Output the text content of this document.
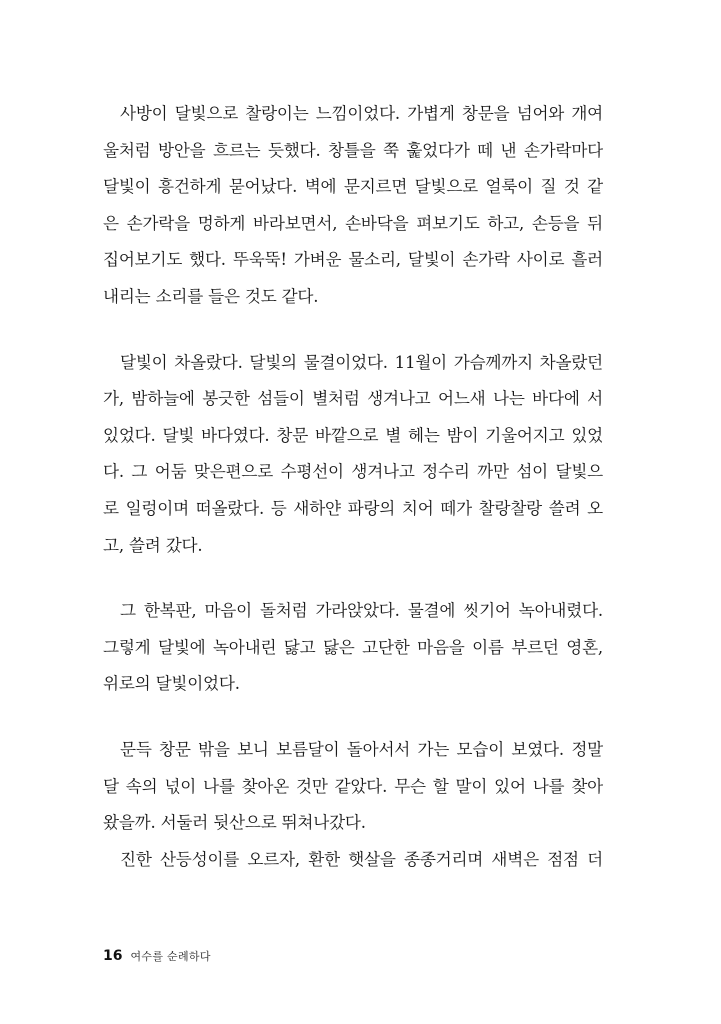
사방이 달빛으로 찰랑이는 느낌이었다. 가볍게 창문을 넘어와 개여
울처럼 방안을 흐르는 듯했다. 창틀을 쭉 훑었다가 떼 낸 손가락마다
달빛이 흥건하게 묻어났다. 벽에 문지르면 달빛으로 얼룩이 질 것 같
은 손가락을 멍하게 바라보면서, 손바닥을 펴보기도 하고, 손등을 뒤
집어보기도 했다. 뚜욱뚝! 가벼운 물소리, 달빛이 손가락 사이로 흘러
내리는 소리를 들은 것도 같다.
달빛이 차올랐다. 달빛의 물결이었다. 11월이 가슴께까지 차올랐던
가, 밤하늘에 봉긋한 섬들이 별처럼 생겨나고 어느새 나는 바다에 서
있었다. 달빛 바다였다. 창문 바깥으로 별 헤는 밤이 기울어지고 있었
다. 그 어둠 맞은편으로 수평선이 생겨나고 정수리 까만 섬이 달빛으
로 일렁이며 떠올랐다. 등 새하얀 파랑의 치어 떼가 찰랑찰랑 쓸려 오
고, 쓸려 갔다.
그 한복판, 마음이 돌처럼 가라앉았다. 물결에 씻기어 녹아내렸다.
그렇게 달빛에 녹아내린 닳고 닳은 고단한 마음을 이름 부르던 영혼,
위로의 달빛이었다.
문득 창문 밖을 보니 보름달이 돌아서서 가는 모습이 보였다. 정말
달 속의 넋이 나를 찾아온 것만 같았다. 무슨 할 말이 있어 나를 찾아
왔을까. 서둘러 뒷산으로 뛰쳐나갔다.
진한 산등성이를 오르자, 환한 햇살을 종종거리며 새벽은 점점 더
16 여수를 순례하다
